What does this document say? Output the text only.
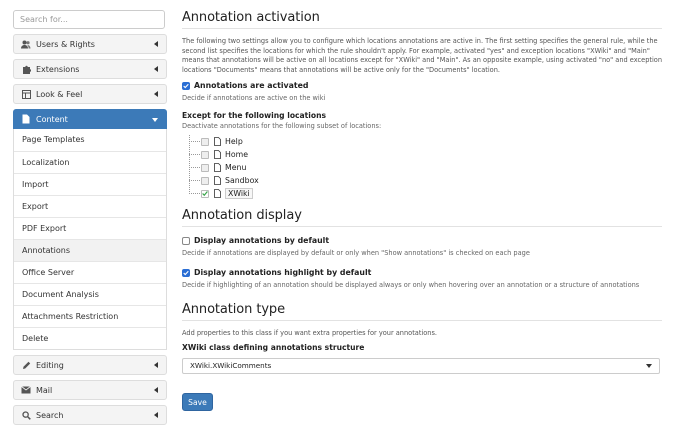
Search for...
Users & Rights
Extensions
Look & Feel
Content
Page Templates
Localization
Import
Export
PDF Export
Annotations
Office Server
Document Analysis
Attachments Restriction
Delete
Editing
Mail
Search
Annotation activation
The following two settings allow you to configure which locations annotations are active in. The first setting specifies the general rule, while the second list specifies the locations for which the rule shouldn't apply. For example, activated "yes" and exception locations "XWiki" and "Main" means that annotations will be active on all locations except for "XWiki" and "Main". As an opposite example, using activated "no" and exception locations "Documents" means that annotations will be active only for the "Documents" location.
Annotations are activated
Decide if annotations are active on the wiki
Except for the following locations
Deactivate annotations for the following subset of locations:
Help
Home
Menu
Sandbox
XWiki
Annotation display
Display annotations by default
Decide if annotations are displayed by default or only when "Show annotations" is checked on each page
Display annotations highlight by default
Decide if highlighting of an annotation should be displayed always or only when hovering over an annotation or a structure of annotations
Annotation type
Add properties to this class if you want extra properties for your annotations.
XWiki class defining annotations structure
XWiki.XWikiComments
Save
